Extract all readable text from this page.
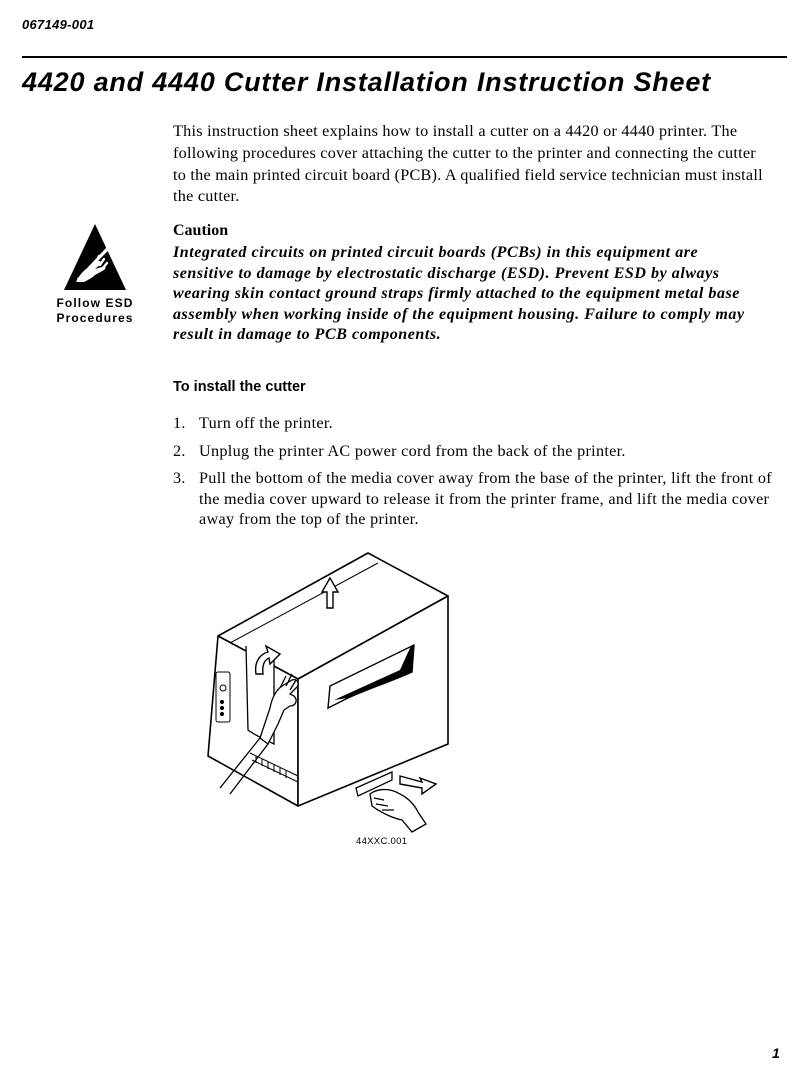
067149-001
4420 and 4440 Cutter Installation Instruction Sheet

This instruction sheet explains how to install a cutter on a 4420 or 4440 printer. The following procedures cover attaching the cutter to the printer and connecting the cutter to the main printed circuit board (PCB). A qualified field service technician must install the cutter.

Follow ESD
Procedures
Caution

Integrated circuits on printed circuit boards (PCBs) in this equipment are sensitive to damage by electrostatic discharge (ESD). Prevent ESD by always wearing skin contact ground straps firmly attached to the equipment metal base assembly when working inside of the equipment housing. Failure to comply may result in damage to PCB components.

To install the cutter
1. Turn off the printer.
2. Unplug the printer AC power cord from the back of the printer.
3. Pull the bottom of the media cover away from the base of the printer, lift the front of the media cover upward to release it from the printer frame, and lift the media cover away from the top of the printer.
44XXC.001
1
